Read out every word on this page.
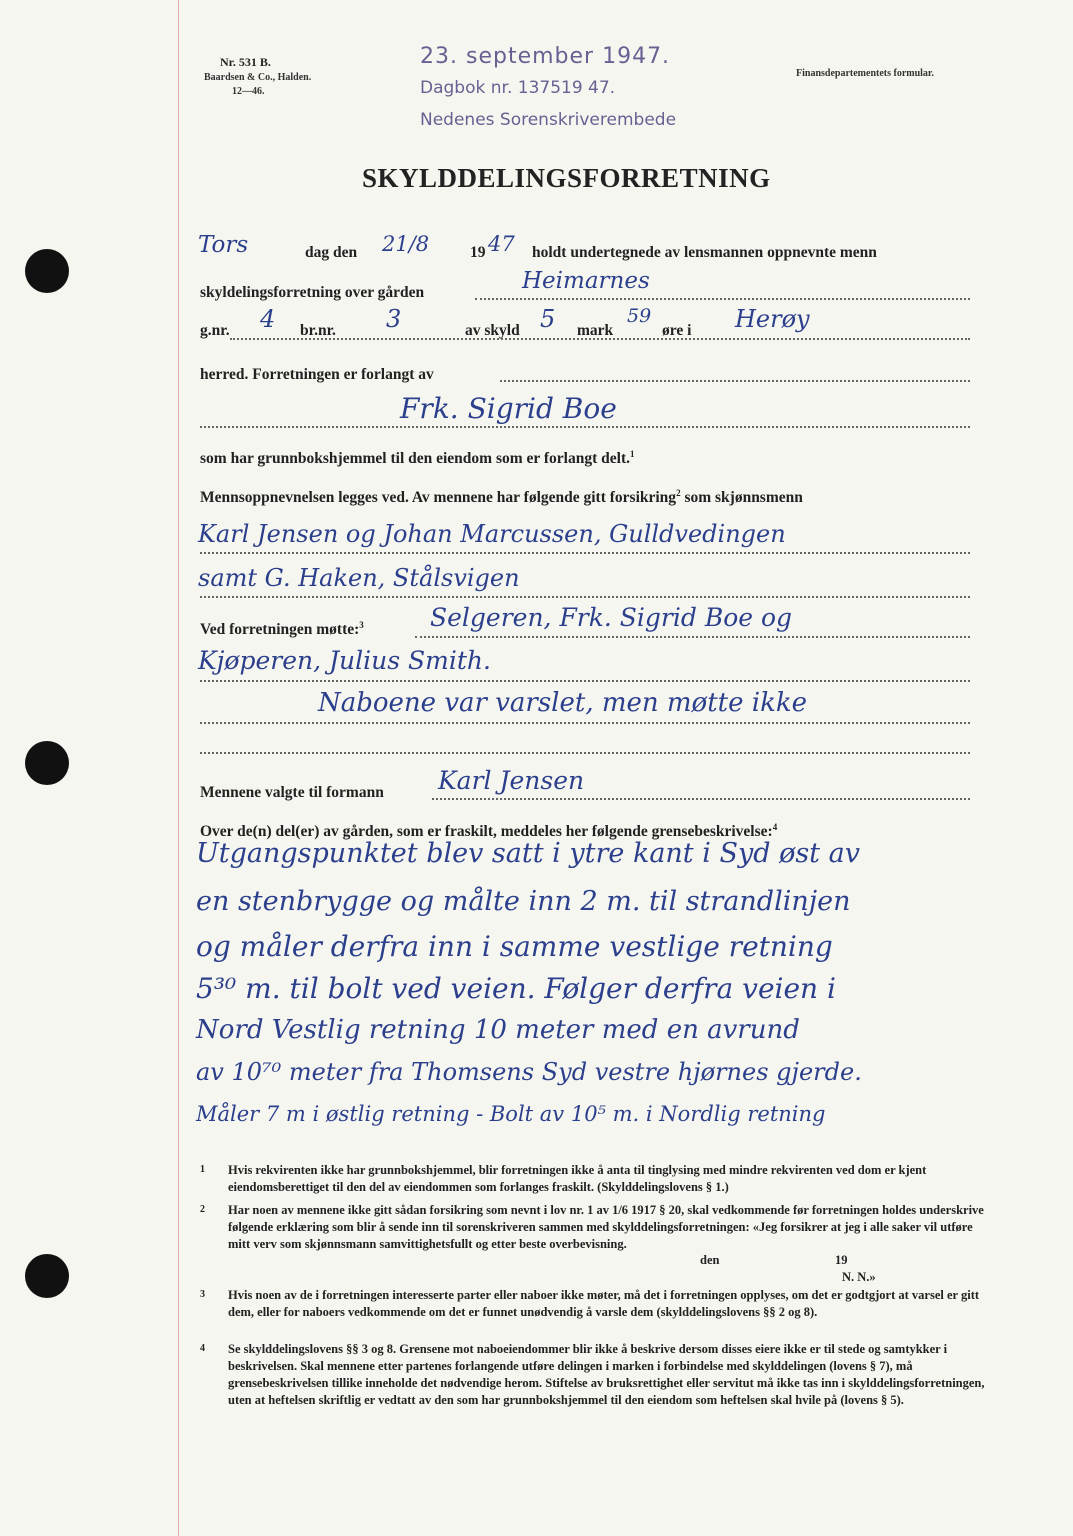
Nr. 531 B.
Baardsen & Co., Halden.
12—46.
Finansdepartementets formular.
23. september 1947.
Dagbok nr. 137519 47.
Nedenes Sorenskriverembede
SKYLDDELINGSFORRETNING
Tors	dag den 21/8	19 47 holdt undertegnede av lensmannen oppnevnte menn
skyldelingsforretning over gården	Heimarnes
g.nr. 4 br.nr. 3	av skyld 5 mark
59
øre i Herøy
herred. Forretningen er forlangt av
Frk. Sigrid Boe
som har grunnbokshjemmel til den eiendom som er forlangt delt.$^1$
Mennsoppnevnelsen legges ved. Av mennene har følgende gitt forsikring$^2$ som skjønnsmenn
Karl Jensen og Johan Marcussen, Gulldvedingen
samt G. Haken, Stålsvigen
Ved forretningen møtte:$^3$	Selgeren, Frk. Sigrid Boe og
Kjøperen, Julius Smith.
Naboene var varslet, men møtte ikke
Mennene valgte til formann Karl Jensen
Over de(n) del(er) av gården, som er fraskilt, meddeles her følgende grensebeskrivelse:$^4$
Utgangspunktet blev satt i ytre kant i Syd øst av
en stenbrygge og målte inn 2 m. til strandlinjen
og måler derfra inn i samme vestlige retning
5³⁰ m. til bolt ved veien. Følger derfra veien i
Nord Vestlig retning 10 meter med en avrund
av 10⁷⁰ meter fra Thomsens Syd vestre hjørnes gjerde.
Måler 7 m i østlig retning - Bolt av 10⁵ m. i Nordlig retning
1 Hvis rekvirenten ikke har grunnbokshjemmel, blir forretningen ikke å anta til tinglysing med mindre rekvirenten ved dom er kjent eiendomsberettiget til den del av eiendommen som forlanges fraskilt. (Skylddelingslovens § 1.)
2 Har noen av mennene ikke gitt sådan forsikring som nevnt i lov nr. 1 av 1/6 1917 § 20, skal vedkommende før forretningen holdes underskrive følgende erklæring som blir å sende inn til sorenskriveren sammen med skylddelingsforretningen: «Jeg forsikrer at jeg i alle saker vil utføre mitt verv som skjønnsmann samvittighetsfullt og etter beste overbevisning.
den	19
N. N.»
3 Hvis noen av de i forretningen interesserte parter eller naboer ikke møter, må det i forretningen opplyses, om det er godtgjort at varsel er gitt dem, eller for naboers vedkommende om det er funnet unødvendig å varsle dem (skylddelingslovens §§ 2 og 8).
4 Se skylddelingslovens §§ 3 og 8. Grensene mot naboeiendommer blir ikke å beskrive dersom disses eiere ikke er til stede og samtykker i beskrivelsen. Skal mennene etter partenes forlangende utføre delingen i marken i forbindelse med skylddelingen (lovens § 7), må grensebeskrivelsen tillike inneholde det nødvendige herom. Stiftelse av bruksrettighet eller servitut må ikke tas inn i skylddelingsforretningen, uten at heftelsen skriftlig er vedtatt av den som har grunnbokshjemmel til den eiendom som heftelsen skal hvile på (lovens § 5).
